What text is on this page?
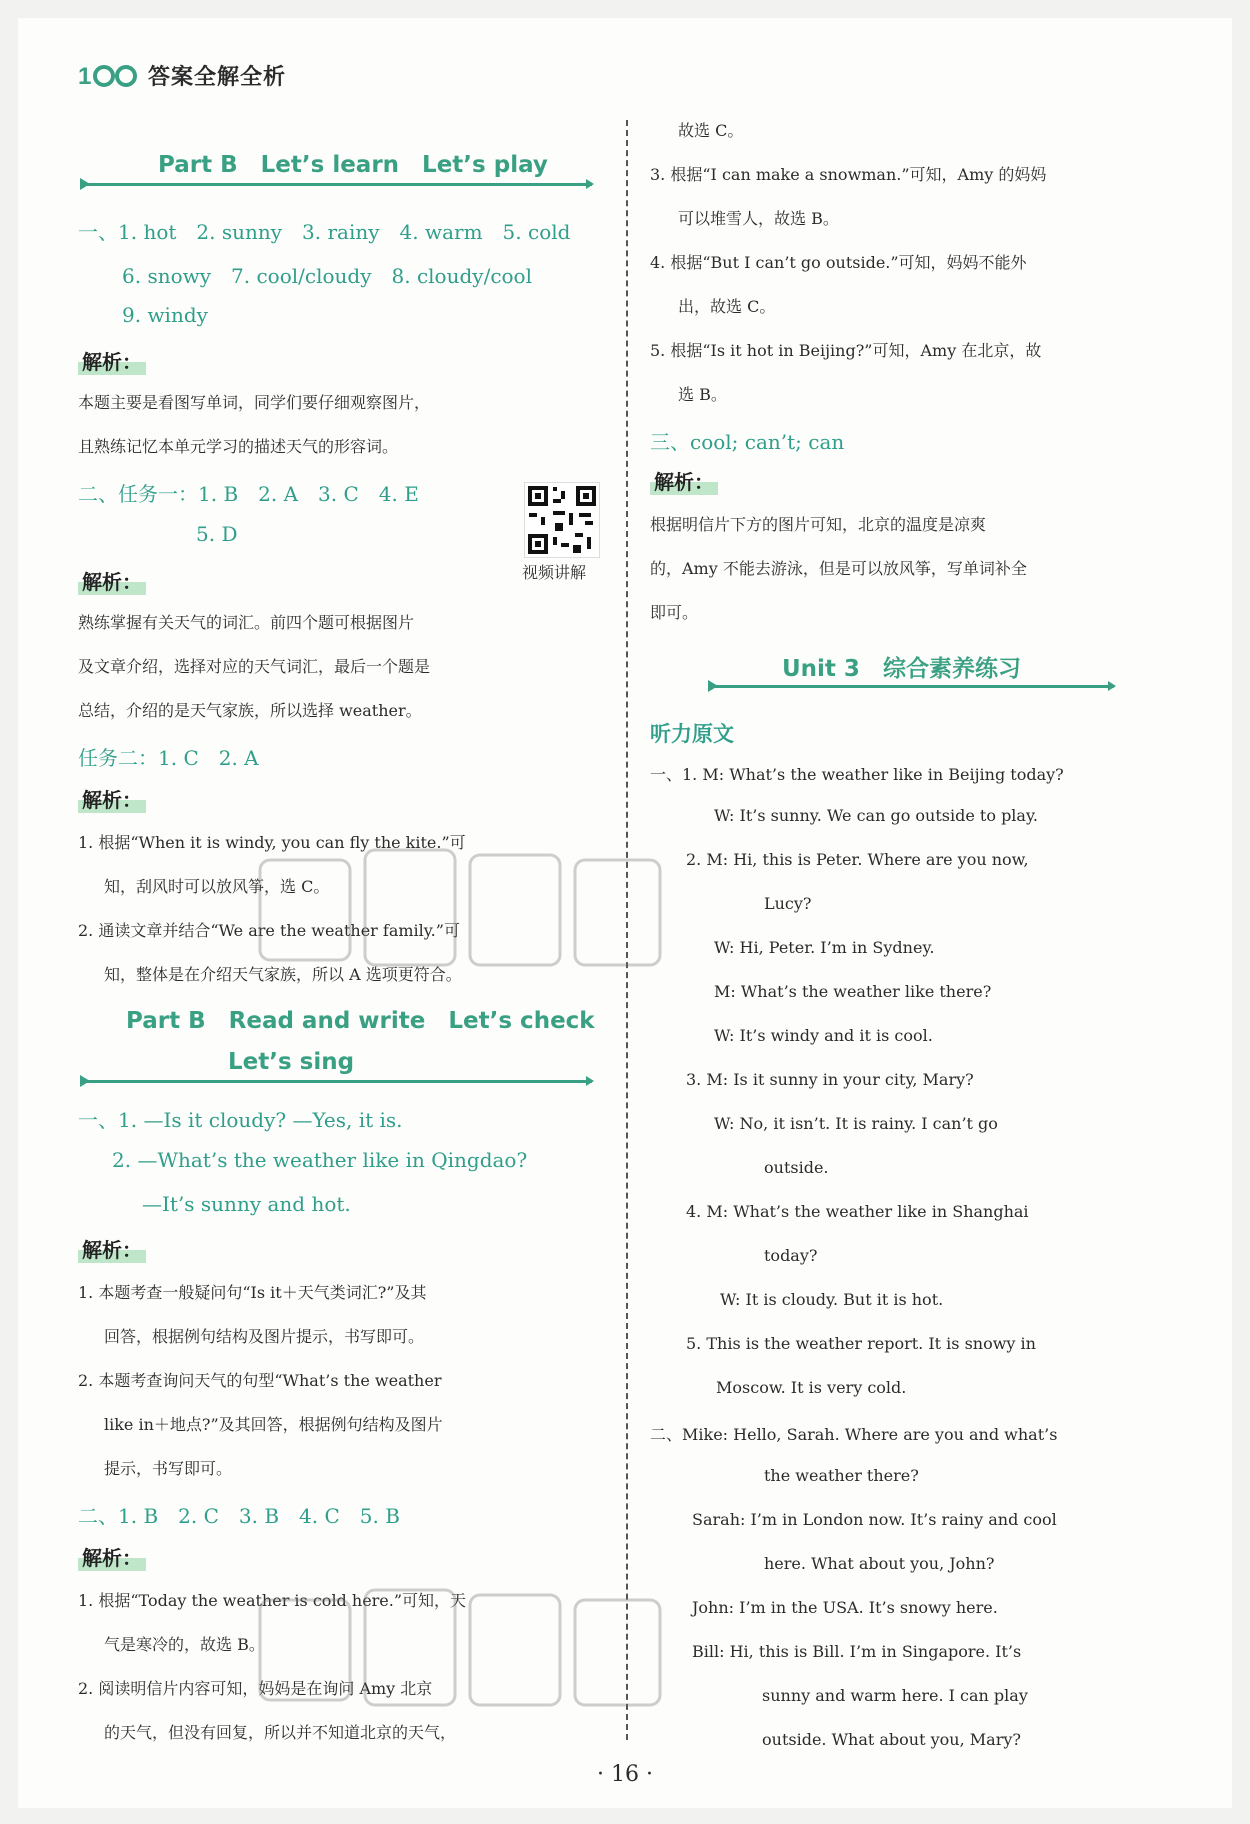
1	答案全解全析
Part B　Let’s learn　Let’s play
一、1. hot　2. sunny　3. rainy　4. warm　5. cold
6. snowy　7. cool/cloudy　8. cloudy/cool
9. windy
解析：
本题主要是看图写单词，同学们要仔细观察图片，
且熟练记忆本单元学习的描述天气的形容词。
二、任务一：1. B　2. A　3. C　4. E
5. D
视频讲解
解析：
熟练掌握有关天气的词汇。前四个题可根据图片
及文章介绍，选择对应的天气词汇，最后一个题是
总结，介绍的是天气家族，所以选择 weather。
任务二：1. C　2. A
解析：
1. 根据“When it is windy, you can fly the kite.”可
知，刮风时可以放风筝，选 C。
2. 通读文章并结合“We are the weather family.”可
知，整体是在介绍天气家族，所以 A 选项更符合。
Part B　Read and write　Let’s check
Let’s sing
一、1. —Is it cloudy? —Yes, it is.
2. —What’s the weather like in Qingdao?
—It’s sunny and hot.
解析：
1. 本题考查一般疑问句“Is it＋天气类词汇?”及其
回答，根据例句结构及图片提示，书写即可。
2. 本题考查询问天气的句型“What’s the weather
like in＋地点?”及其回答，根据例句结构及图片
提示，书写即可。
二、1. B　2. C　3. B　4. C　5. B
解析：
1. 根据“Today the weather is cold here.”可知，天
气是寒冷的，故选 B。
2. 阅读明信片内容可知，妈妈是在询问 Amy 北京
的天气，但没有回复，所以并不知道北京的天气，
故选 C。
3. 根据“I can make a snowman.”可知，Amy 的妈妈
可以堆雪人，故选 B。
4. 根据“But I can’t go outside.”可知，妈妈不能外
出，故选 C。
5. 根据“Is it hot in Beijing?”可知，Amy 在北京，故
选 B。
三、cool; can’t; can
解析：
根据明信片下方的图片可知，北京的温度是凉爽
的，Amy 不能去游泳，但是可以放风筝，写单词补全
即可。
Unit 3　综合素养练习
听力原文
一、1. M: What’s the weather like in Beijing today?
W: It’s sunny. We can go outside to play.
2. M: Hi, this is Peter. Where are you now,
Lucy?
W: Hi, Peter. I’m in Sydney.
M: What’s the weather like there?
W: It’s windy and it is cool.
3. M: Is it sunny in your city, Mary?
W: No, it isn’t. It is rainy. I can’t go
outside.
4. M: What’s the weather like in Shanghai
today?
W: It is cloudy. But it is hot.
5. This is the weather report. It is snowy in
Moscow. It is very cold.
二、Mike: Hello, Sarah. Where are you and what’s
the weather there?
Sarah: I’m in London now. It’s rainy and cool
here. What about you, John?
John: I’m in the USA. It’s snowy here.
Bill: Hi, this is Bill. I’m in Singapore. It’s
sunny and warm here. I can play
outside. What about you, Mary?
· 16 ·
